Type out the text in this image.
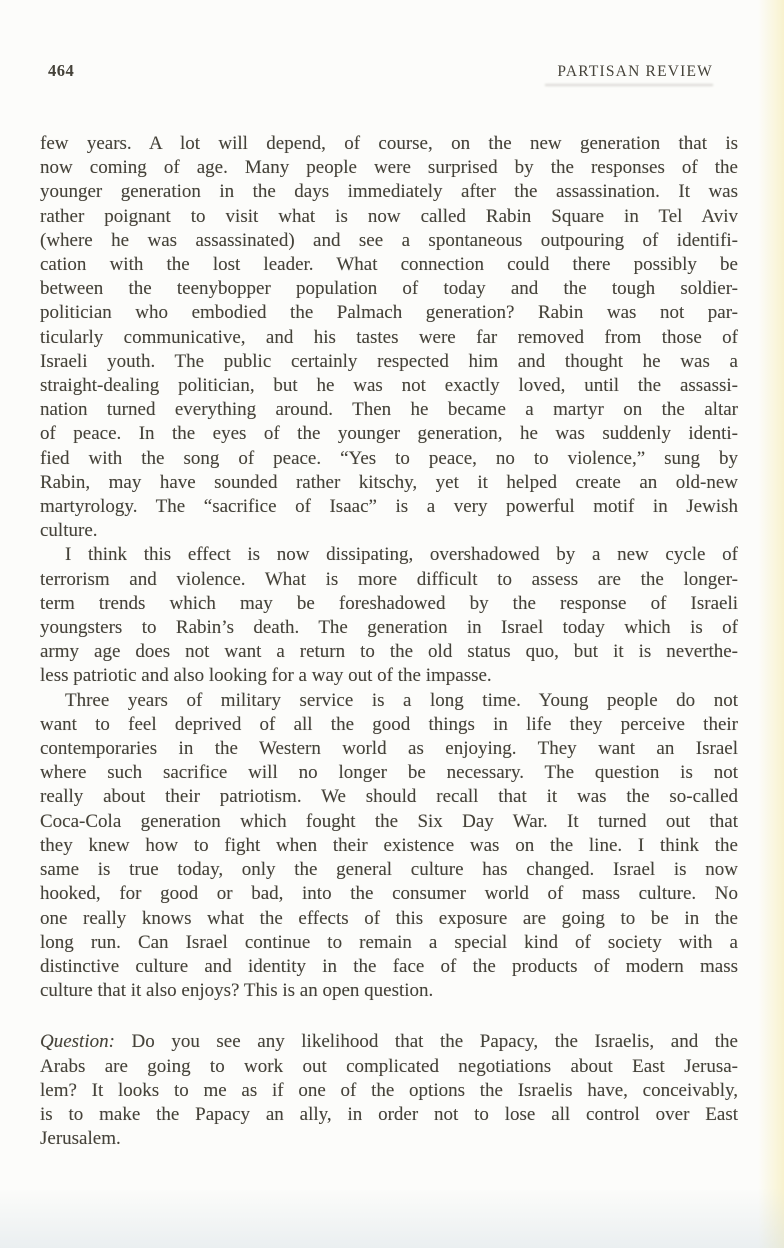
464	PARTISAN REVIEW
few years. A lot will depend, of course, on the new generation that is
now coming of age. Many people were surprised by the responses of the
younger generation in the days immediately after the assassination. It was
rather poignant to visit what is now called Rabin Square in Tel Aviv
(where he was assassinated) and see a spontaneous outpouring of identifi-
cation with the lost leader. What connection could there possibly be
between the teenybopper population of today and the tough soldier-
politician who embodied the Palmach generation? Rabin was not par-
ticularly communicative, and his tastes were far removed from those of
Israeli youth. The public certainly respected him and thought he was a
straight-dealing politician, but he was not exactly loved, until the assassi-
nation turned everything around. Then he became a martyr on the altar
of peace. In the eyes of the younger generation, he was suddenly identi-
fied with the song of peace. “Yes to peace, no to violence,” sung by
Rabin, may have sounded rather kitschy, yet it helped create an old-new
martyrology. The “sacrifice of Isaac” is a very powerful motif in Jewish
culture.
I think this effect is now dissipating, overshadowed by a new cycle of
terrorism and violence. What is more difficult to assess are the longer-
term trends which may be foreshadowed by the response of Israeli
youngsters to Rabin’s death. The generation in Israel today which is of
army age does not want a return to the old status quo, but it is neverthe-
less patriotic and also looking for a way out of the impasse.
Three years of military service is a long time. Young people do not
want to feel deprived of all the good things in life they perceive their
contemporaries in the Western world as enjoying. They want an Israel
where such sacrifice will no longer be necessary. The question is not
really about their patriotism. We should recall that it was the so-called
Coca-Cola generation which fought the Six Day War. It turned out that
they knew how to fight when their existence was on the line. I think the
same is true today, only the general culture has changed. Israel is now
hooked, for good or bad, into the consumer world of mass culture. No
one really knows what the effects of this exposure are going to be in the
long run. Can Israel continue to remain a special kind of society with a
distinctive culture and identity in the face of the products of modern mass
culture that it also enjoys? This is an open question.
Question: Do you see any likelihood that the Papacy, the Israelis, and the
Arabs are going to work out complicated negotiations about East Jerusa-
lem? It looks to me as if one of the options the Israelis have, conceivably,
is to make the Papacy an ally, in order not to lose all control over East
Jerusalem.
